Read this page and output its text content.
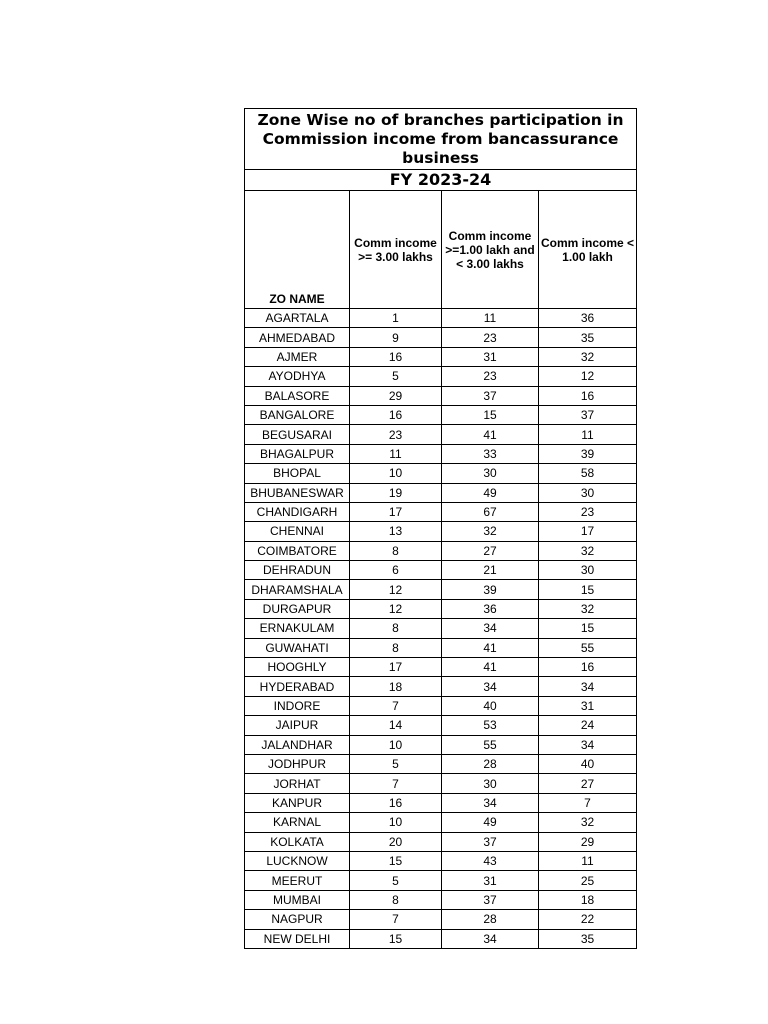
Zone Wise no of branches participation in Commission income from bancassurance business			
FY 2023-24			
ZO NAME	Comm income >= 3.00 lakhs	Comm income >=1.00 lakh and < 3.00 lakhs	Comm income < 1.00 lakh
AGARTALA	1	11	36
AHMEDABAD	9	23	35
AJMER	16	31	32
AYODHYA	5	23	12
BALASORE	29	37	16
BANGALORE	16	15	37
BEGUSARAI	23	41	11
BHAGALPUR	11	33	39
BHOPAL	10	30	58
BHUBANESWAR	19	49	30
CHANDIGARH	17	67	23
CHENNAI	13	32	17
COIMBATORE	8	27	32
DEHRADUN	6	21	30
DHARAMSHALA	12	39	15
DURGAPUR	12	36	32
ERNAKULAM	8	34	15
GUWAHATI	8	41	55
HOOGHLY	17	41	16
HYDERABAD	18	34	34
INDORE	7	40	31
JAIPUR	14	53	24
JALANDHAR	10	55	34
JODHPUR	5	28	40
JORHAT	7	30	27
KANPUR	16	34	7
KARNAL	10	49	32
KOLKATA	20	37	29
LUCKNOW	15	43	11
MEERUT	5	31	25
MUMBAI	8	37	18
NAGPUR	7	28	22
NEW DELHI	15	34	35
